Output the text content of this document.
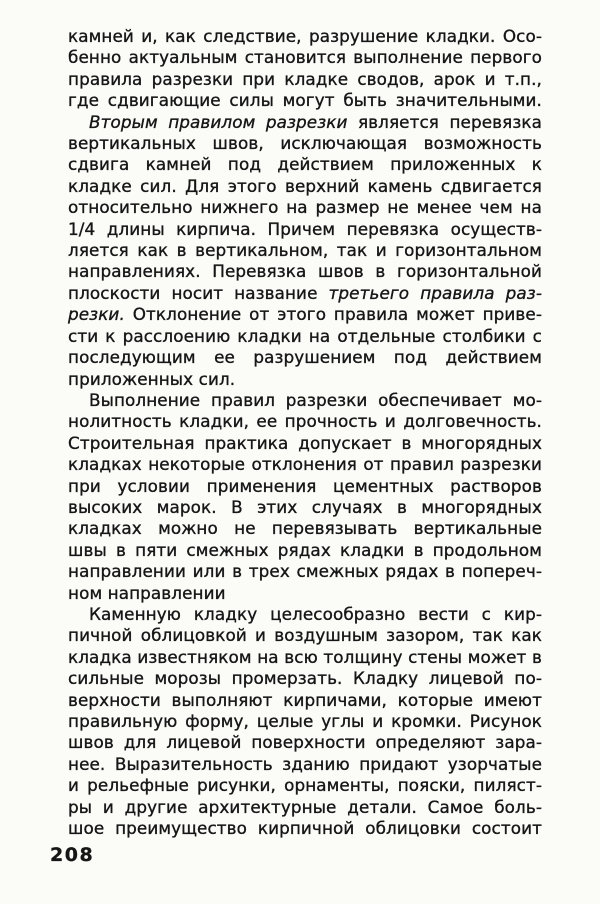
камней и, как следствие, разрушение кладки. Осо-
бенно актуальным становится выполнение первого
правила разрезки при кладке сводов, арок и т.п.,
где сдвигающие силы могут быть значительными.
Вторым правилом разрезки является перевязка
вертикальных швов, исключающая возможность
сдвига камней под действием приложенных к
кладке сил. Для этого верхний камень сдвигается
относительно нижнего на размер не менее чем на
1/4 длины кирпича. Причем перевязка осуществ-
ляется как в вертикальном, так и горизонтальном
направлениях. Перевязка швов в горизонтальной
плоскости носит название третьего правила раз-
резки. Отклонение от этого правила может приве-
сти к расслоению кладки на отдельные столбики с
последующим ее разрушением под действием
приложенных сил.
Выполнение правил разрезки обеспечивает мо-
нолитность кладки, ее прочность и долговечность.
Строительная практика допускает в многорядных
кладках некоторые отклонения от правил разрезки
при условии применения цементных растворов
высоких марок. В этих случаях в многорядных
кладках можно не перевязывать вертикальные
швы в пяти смежных рядах кладки в продольном
направлении или в трех смежных рядах в попереч-
ном направлении
Каменную кладку целесообразно вести с кир-
пичной облицовкой и воздушным зазором, так как
кладка известняком на всю толщину стены может в
сильные морозы промерзать. Кладку лицевой по-
верхности выполняют кирпичами, которые имеют
правильную форму, целые углы и кромки. Рисунок
швов для лицевой поверхности определяют зара-
нее. Выразительность зданию придают узорчатые
и рельефные рисунки, орнаменты, пояски, пиляст-
ры и другие архитектурные детали. Самое боль-
шое преимущество кирпичной облицовки состоит
208
